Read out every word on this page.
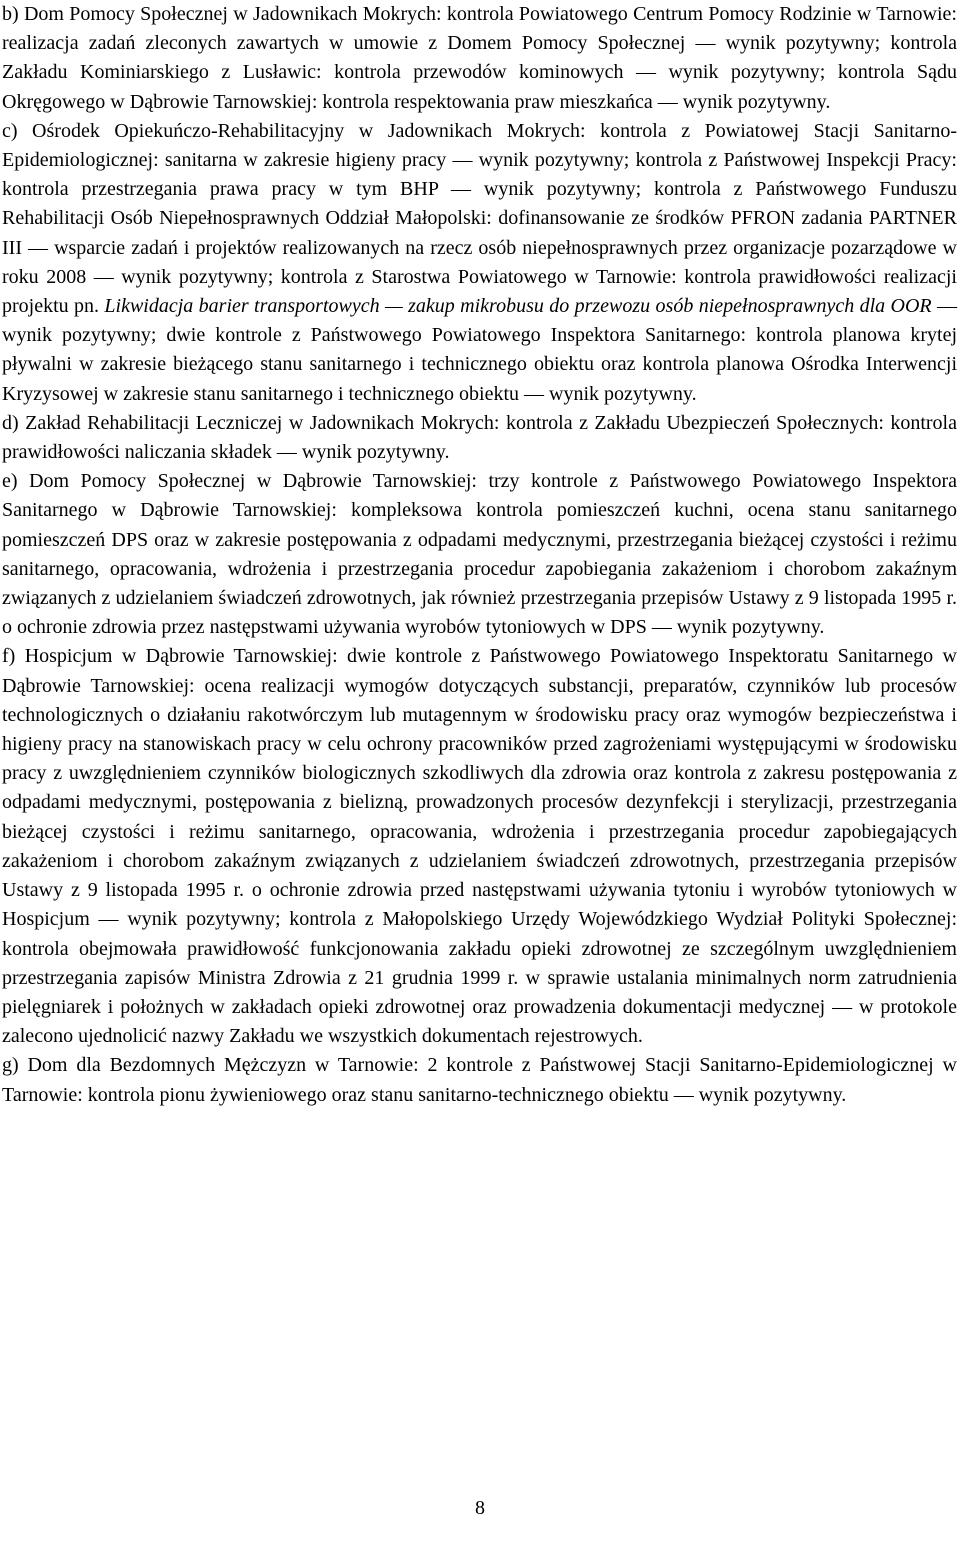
b) Dom Pomocy Społecznej w Jadownikach Mokrych: kontrola Powiatowego Centrum Pomocy Rodzinie w Tarnowie: realizacja zadań zleconych zawartych w umowie z Domem Pomocy Społecznej — wynik pozytywny; kontrola Zakładu Kominiarskiego z Lusławic: kontrola przewodów kominowych — wynik pozytywny; kontrola Sądu Okręgowego w Dąbrowie Tarnowskiej: kontrola respektowania praw mieszkańca — wynik pozytywny.

c) Ośrodek Opiekuńczo-Rehabilitacyjny w Jadownikach Mokrych: kontrola z Powiatowej Stacji Sanitarno-Epidemiologicznej: sanitarna w zakresie higieny pracy — wynik pozytywny; kontrola z Państwowej Inspekcji Pracy: kontrola przestrzegania prawa pracy w tym BHP — wynik pozytywny; kontrola z Państwowego Funduszu Rehabilitacji Osób Niepełnosprawnych Oddział Małopolski: dofinansowanie ze środków PFRON zadania PARTNER III — wsparcie zadań i projektów realizowanych na rzecz osób niepełnosprawnych przez organizacje pozarządowe w roku 2008 — wynik pozytywny; kontrola z Starostwa Powiatowego w Tarnowie: kontrola prawidłowości realizacji projektu pn. Likwidacja barier transportowych — zakup mikrobusu do przewozu osób niepełnosprawnych dla OOR — wynik pozytywny; dwie kontrole z Państwowego Powiatowego Inspektora Sanitarnego: kontrola planowa krytej pływalni w zakresie bieżącego stanu sanitarnego i technicznego obiektu oraz kontrola planowa Ośrodka Interwencji Kryzysowej w zakresie stanu sanitarnego i technicznego obiektu — wynik pozytywny.

d) Zakład Rehabilitacji Leczniczej w Jadownikach Mokrych: kontrola z Zakładu Ubezpieczeń Społecznych: kontrola prawidłowości naliczania składek — wynik pozytywny.

e) Dom Pomocy Społecznej w Dąbrowie Tarnowskiej: trzy kontrole z Państwowego Powiatowego Inspektora Sanitarnego w Dąbrowie Tarnowskiej: kompleksowa kontrola pomieszczeń kuchni, ocena stanu sanitarnego pomieszczeń DPS oraz w zakresie postępowania z odpadami medycznymi, przestrzegania bieżącej czystości i reżimu sanitarnego, opracowania, wdrożenia i przestrzegania procedur zapobiegania zakażeniom i chorobom zakaźnym związanych z udzielaniem świadczeń zdrowotnych, jak również przestrzegania przepisów Ustawy z 9 listopada 1995 r. o ochronie zdrowia przez następstwami używania wyrobów tytoniowych w DPS — wynik pozytywny.

f) Hospicjum w Dąbrowie Tarnowskiej: dwie kontrole z Państwowego Powiatowego Inspektoratu Sanitarnego w Dąbrowie Tarnowskiej: ocena realizacji wymogów dotyczących substancji, preparatów, czynników lub procesów technologicznych o działaniu rakotwórczym lub mutagennym w środowisku pracy oraz wymogów bezpieczeństwa i higieny pracy na stanowiskach pracy w celu ochrony pracowników przed zagrożeniami występującymi w środowisku pracy z uwzględnieniem czynników biologicznych szkodliwych dla zdrowia oraz kontrola z zakresu postępowania z odpadami medycznymi, postępowania z bielizną, prowadzonych procesów dezynfekcji i sterylizacji, przestrzegania bieżącej czystości i reżimu sanitarnego, opracowania, wdrożenia i przestrzegania procedur zapobiegających zakażeniom i chorobom zakaźnym związanych z udzielaniem świadczeń zdrowotnych, przestrzegania przepisów Ustawy z 9 listopada 1995 r. o ochronie zdrowia przed następstwami używania tytoniu i wyrobów tytoniowych w Hospicjum — wynik pozytywny; kontrola z Małopolskiego Urzędy Wojewódzkiego Wydział Polityki Społecznej: kontrola obejmowała prawidłowość funkcjonowania zakładu opieki zdrowotnej ze szczególnym uwzględnieniem przestrzegania zapisów Ministra Zdrowia z 21 grudnia 1999 r. w sprawie ustalania minimalnych norm zatrudnienia pielęgniarek i położnych w zakładach opieki zdrowotnej oraz prowadzenia dokumentacji medycznej — w protokole zalecono ujednolicić nazwy Zakładu we wszystkich dokumentach rejestrowych.

g) Dom dla Bezdomnych Mężczyzn w Tarnowie: 2 kontrole z Państwowej Stacji Sanitarno-Epidemiologicznej w Tarnowie: kontrola pionu żywieniowego oraz stanu sanitarno-technicznego obiektu — wynik pozytywny.

8
